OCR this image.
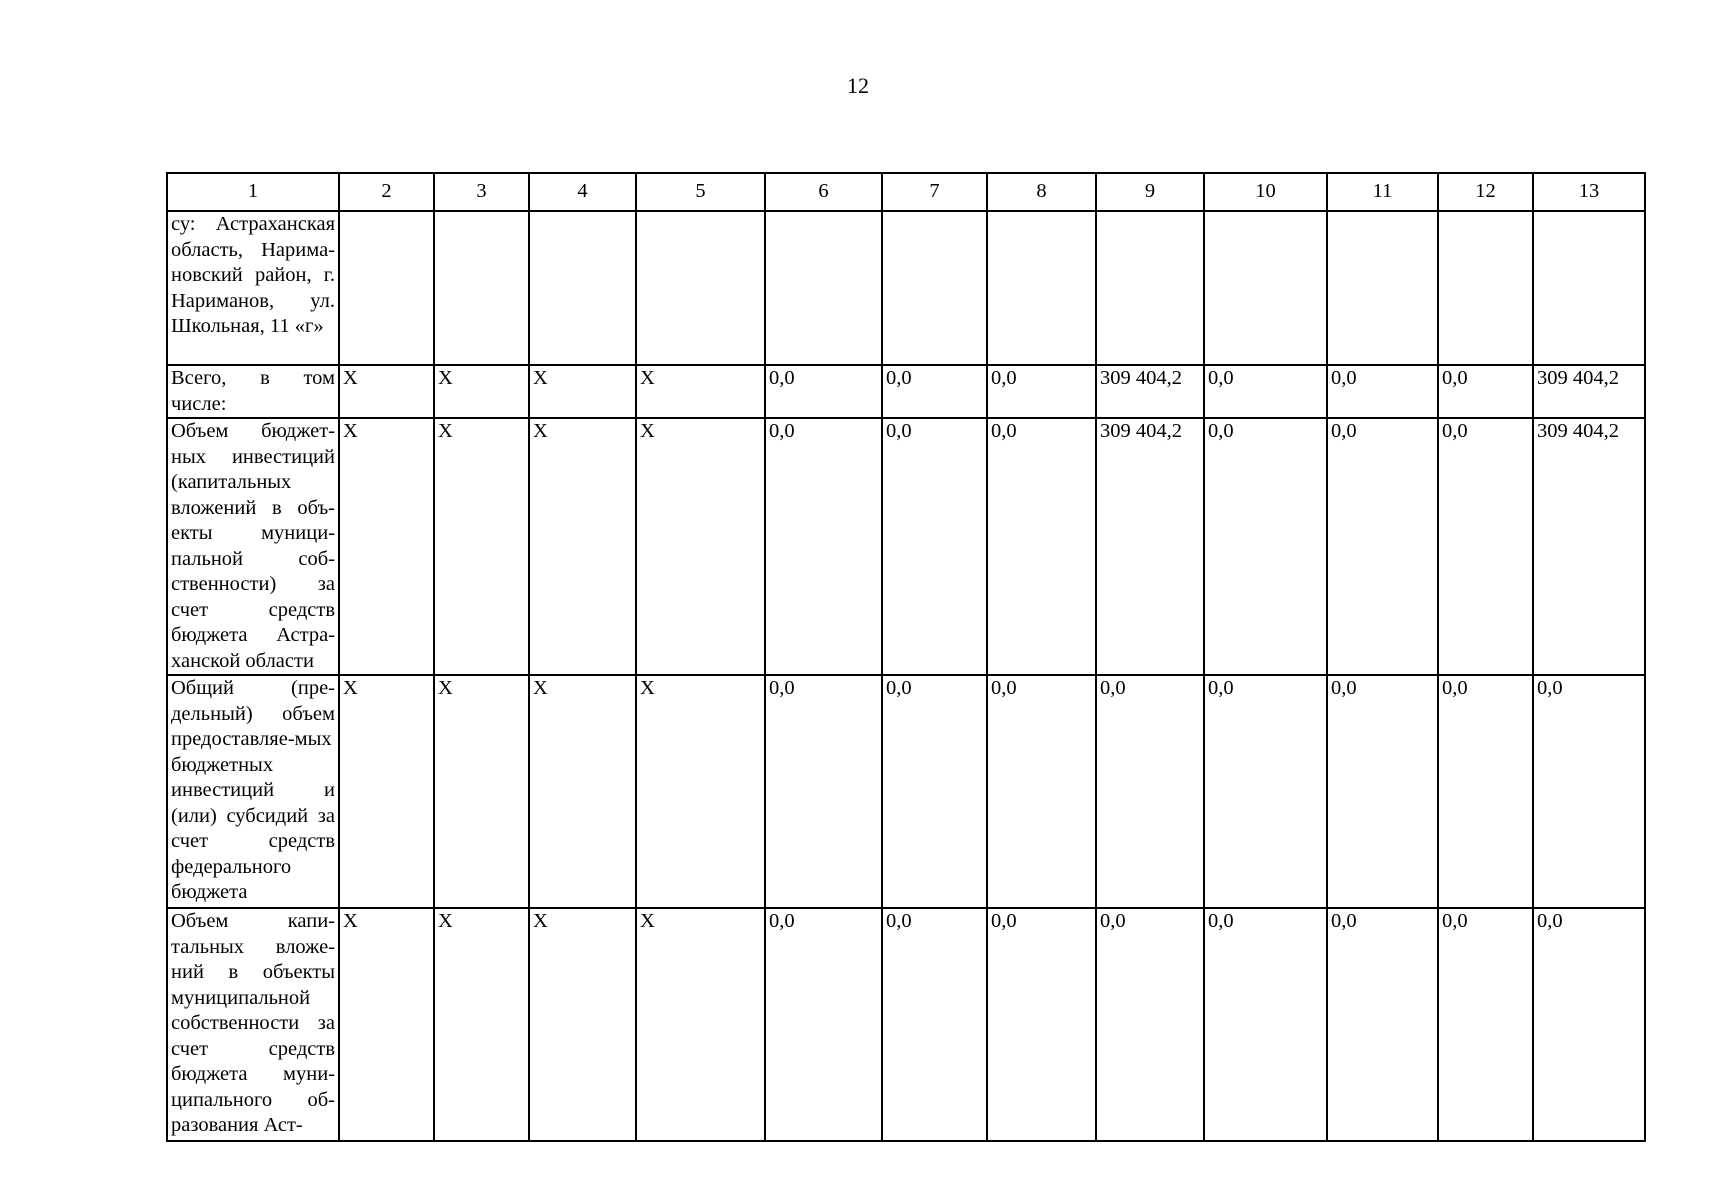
12
1	2	3	4	5	6	7	8	9	10	11	12	13
су: Астраханская область, Нарима-новский район, г. Нариманов, ул. Школьная, 11 «г»												
Всего, в том числе:	X	X	X	X	0,0	0,0	0,0	309 404,2	0,0	0,0	0,0	309 404,2
Объем бюджет-ных инвестиций (капитальных вложений в объ-екты муници-пальной соб-ственности) за счет средств бюджета Астра-ханской области	X	X	X	X	0,0	0,0	0,0	309 404,2	0,0	0,0	0,0	309 404,2
Общий (пре-дельный) объем предоставляе-мых бюджетных инвестиций и (или) субсидий за счет средств федерального бюджета	X	X	X	X	0,0	0,0	0,0	0,0	0,0	0,0	0,0	0,0
Объем капи-тальных вложе-ний в объекты муниципальной собственности за счет средств бюджета муни-ципального об-разования Аст-	X	X	X	X	0,0	0,0	0,0	0,0	0,0	0,0	0,0	0,0
